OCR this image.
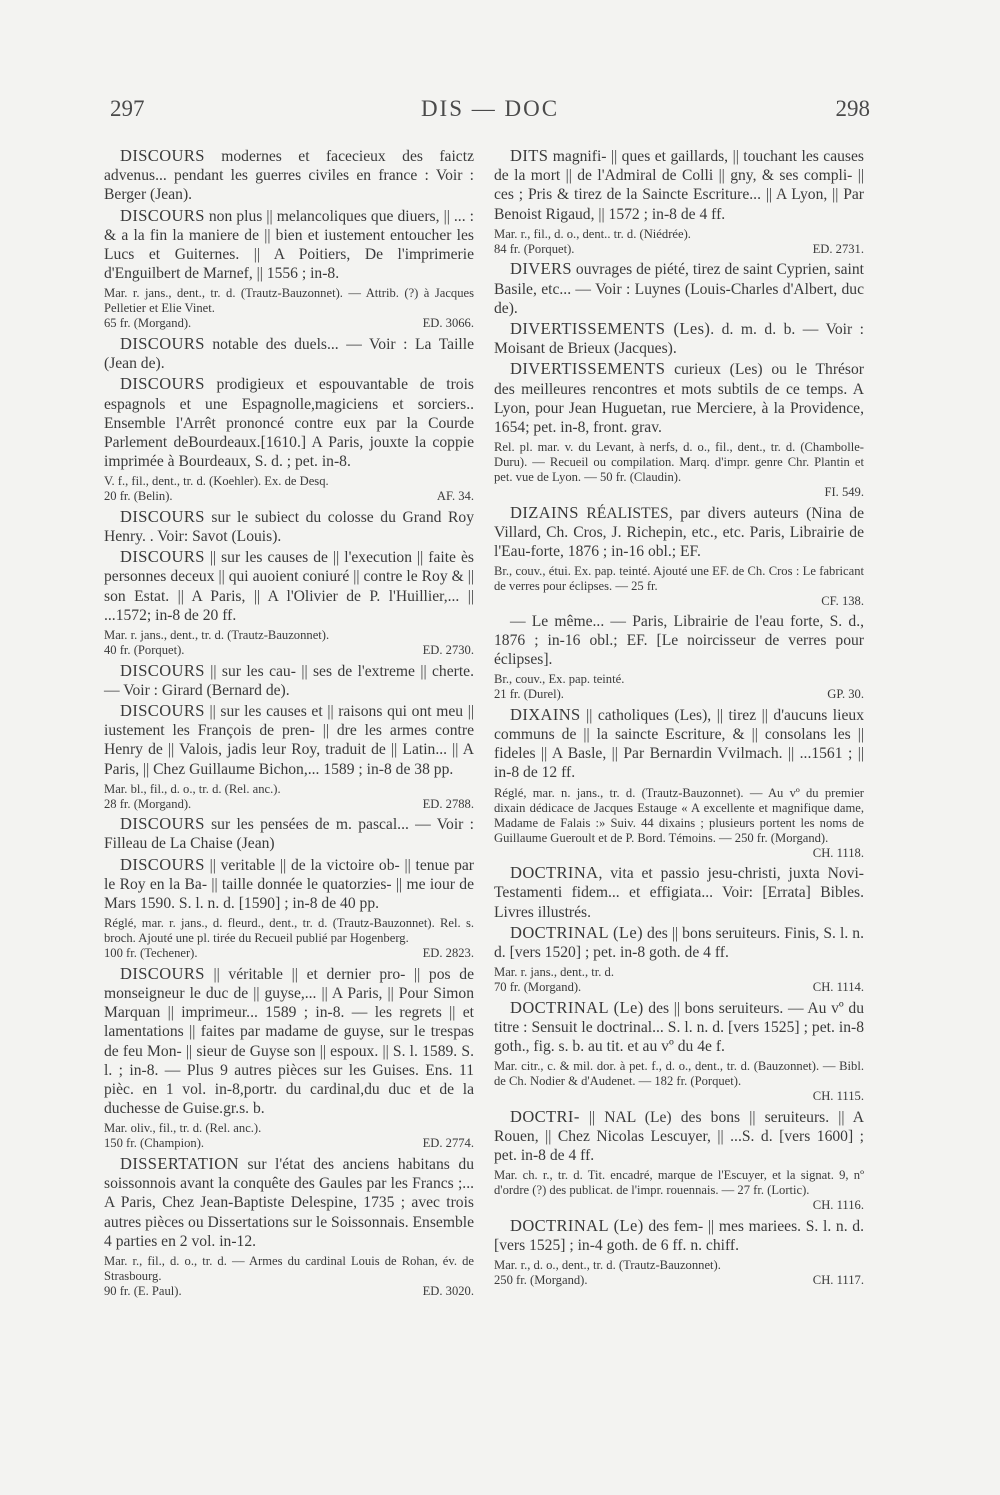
297	DIS — DOC	298

DISCOURS modernes et facecieux des faictz advenus... pendant les guerres civiles en france : Voir : Berger (Jean).

DISCOURS non plus || melancoliques que diuers, || ... : & a la fin la maniere de || bien et iustement entoucher les Lucs et Guiternes. || A Poitiers, De l'imprimerie d'Enguilbert de Marnef, || 1556 ; in-8.

Mar. r. jans., dent., tr. d. (Trautz-Bauzonnet). — Attrib. (?) à Jacques Pelletier et Elie Vinet.

65 fr. (Morgand).	ED. 3066.

DISCOURS notable des duels... — Voir : La Taille (Jean de).

DISCOURS prodigieux et espouvantable de trois espagnols et une Espagnolle,magiciens et sorciers.. Ensemble l'Arrêt prononcé contre eux par la Courde Parlement deBourdeaux.[1610.] A Paris, jouxte la coppie imprimée à Bourdeaux, S. d. ; pet. in-8.

V. f., fil., dent., tr. d. (Koehler). Ex. de Desq.

20 fr. (Belin).	AF. 34.

DISCOURS sur le subiect du colosse du Grand Roy Henry. . Voir: Savot (Louis).

DISCOURS || sur les causes de || l'execution || faite ès personnes deceux || qui auoient coniuré || contre le Roy & || son Estat. || A Paris, || A l'Olivier de P. l'Huillier,... || ...1572; in-8 de 20 ff.

Mar. r. jans., dent., tr. d. (Trautz-Bauzonnet).

40 fr. (Porquet).	ED. 2730.

DISCOURS || sur les cau- || ses de l'extreme || cherte. — Voir : Girard (Bernard de).

DISCOURS || sur les causes et || raisons qui ont meu || iustement les François de pren- || dre les armes contre Henry de || Valois, jadis leur Roy, traduit de || Latin... || A Paris, || Chez Guillaume Bichon,... 1589 ; in-8 de 38 pp.

Mar. bl., fil., d. o., tr. d. (Rel. anc.).

28 fr. (Morgand).	ED. 2788.

DISCOURS sur les pensées de m. pascal... — Voir : Filleau de La Chaise (Jean)

DISCOURS || veritable || de la victoire ob- || tenue par le Roy en la Ba- || taille donnée le quatorzies- || me iour de Mars 1590. S. l. n. d. [1590] ; in-8 de 40 pp.

Réglé, mar. r. jans., d. fleurd., dent., tr. d. (Trautz-Bauzonnet). Rel. s. broch. Ajouté une pl. tirée du Recueil publié par Hogenberg.

100 fr. (Techener).	ED. 2823.

DISCOURS || véritable || et dernier pro- || pos de monseigneur le duc de || guyse,... || A Paris, || Pour Simon Marquan || imprimeur... 1589 ; in-8. — les regrets || et lamentations || faites par madame de guyse, sur le trespas de feu Mon- || sieur de Guyse son || espoux. || S. l. 1589. S. l. ; in-8. — Plus 9 autres pièces sur les Guises. Ens. 11 pièc. en 1 vol. in-8,portr. du cardinal,du duc et de la duchesse de Guise.gr.s. b.

Mar. oliv., fil., tr. d. (Rel. anc.).

150 fr. (Champion).	ED. 2774.

DISSERTATION sur l'état des anciens habitans du soissonnois avant la conquête des Gaules par les Francs ;... A Paris, Chez Jean-Baptiste Delespine, 1735 ; avec trois autres pièces ou Dissertations sur le Soissonnais. Ensemble 4 parties en 2 vol. in-12.

Mar. r., fil., d. o., tr. d. — Armes du cardinal Louis de Rohan, év. de Strasbourg.

90 fr. (E. Paul).	ED. 3020.

DITS magnifi- || ques et gaillards, || touchant les causes de la mort || de l'Admiral de Colli || gny, & ses compli- || ces ; Pris & tirez de la Saincte Escriture... || A Lyon, || Par Benoist Rigaud, || 1572 ; in-8 de 4 ff.

Mar. r., fil., d. o., dent.. tr. d. (Niédrée).

84 fr. (Porquet).	ED. 2731.

DIVERS ouvrages de piété, tirez de saint Cyprien, saint Basile, etc... — Voir : Luynes (Louis-Charles d'Albert, duc de).

DIVERTISSEMENTS (Les). d. m. d. b. — Voir : Moisant de Brieux (Jacques).

DIVERTISSEMENTS curieux (Les) ou le Thrésor des meilleures rencontres et mots subtils de ce temps. A Lyon, pour Jean Huguetan, rue Merciere, à la Providence, 1654; pet. in-8, front. grav.

Rel. pl. mar. v. du Levant, à nerfs, d. o., fil., dent., tr. d. (Chambolle-Duru). — Recueil ou compilation. Marq. d'impr. genre Chr. Plantin et pet. vue de Lyon. — 50 fr. (Claudin).

FI. 549.

DIZAINS RÉALISTES, par divers auteurs (Nina de Villard, Ch. Cros, J. Richepin, etc., etc. Paris, Librairie de l'Eau-forte, 1876 ; in-16 obl.; EF.

Br., couv., étui. Ex. pap. teinté. Ajouté une EF. de Ch. Cros : Le fabricant de verres pour éclipses. — 25 fr.

CF. 138.

— Le même... — Paris, Librairie de l'eau forte, S. d., 1876 ; in-16 obl.; EF. [Le noircisseur de verres pour éclipses].

Br., couv., Ex. pap. teinté.

21 fr. (Durel).	GP. 30.

DIXAINS || catholiques (Les), || tirez || d'aucuns lieux communs de || la saincte Escriture, & || consolans les || fideles || A Basle, || Par Bernardin Vvilmach. || ...1561 ; || in-8 de 12 ff.

Réglé, mar. n. jans., tr. d. (Trautz-Bauzonnet). — Au vº du premier dixain dédicace de Jacques Estauge « A excellente et magnifique dame, Madame de Falais :» Suiv. 44 dixains ; plusieurs portent les noms de Guillaume Gueroult et de P. Bord. Témoins. — 250 fr. (Morgand).

CH. 1118.

DOCTRINA, vita et passio jesu-christi, juxta Novi-Testamenti fidem... et effigiata... Voir: [Errata] Bibles. Livres illustrés.

DOCTRINAL (Le) des || bons seruiteurs. Finis, S. l. n. d. [vers 1520] ; pet. in-8 goth. de 4 ff.

Mar. r. jans., dent., tr. d.

70 fr. (Morgand).	CH. 1114.

DOCTRINAL (Le) des || bons seruiteurs. — Au vº du titre : Sensuit le doctrinal... S. l. n. d. [vers 1525] ; pet. in-8 goth., fig. s. b. au tit. et au vº du 4e f.

Mar. citr., c. & mil. dor. à pet. f., d. o., dent., tr. d. (Bauzonnet). — Bibl. de Ch. Nodier & d'Audenet. — 182 fr. (Porquet).

CH. 1115.

DOCTRI- || NAL (Le) des bons || seruiteurs. || A Rouen, || Chez Nicolas Lescuyer, || ...S. d. [vers 1600] ; pet. in-8 de 4 ff.

Mar. ch. r., tr. d. Tit. encadré, marque de l'Escuyer, et la signat. 9, nº d'ordre (?) des publicat. de l'impr. rouennais. — 27 fr. (Lortic).

CH. 1116.

DOCTRINAL (Le) des fem- || mes mariees. S. l. n. d. [vers 1525] ; in-4 goth. de 6 ff. n. chiff.

Mar. r., d. o., dent., tr. d. (Trautz-Bauzonnet).

250 fr. (Morgand).	CH. 1117.
